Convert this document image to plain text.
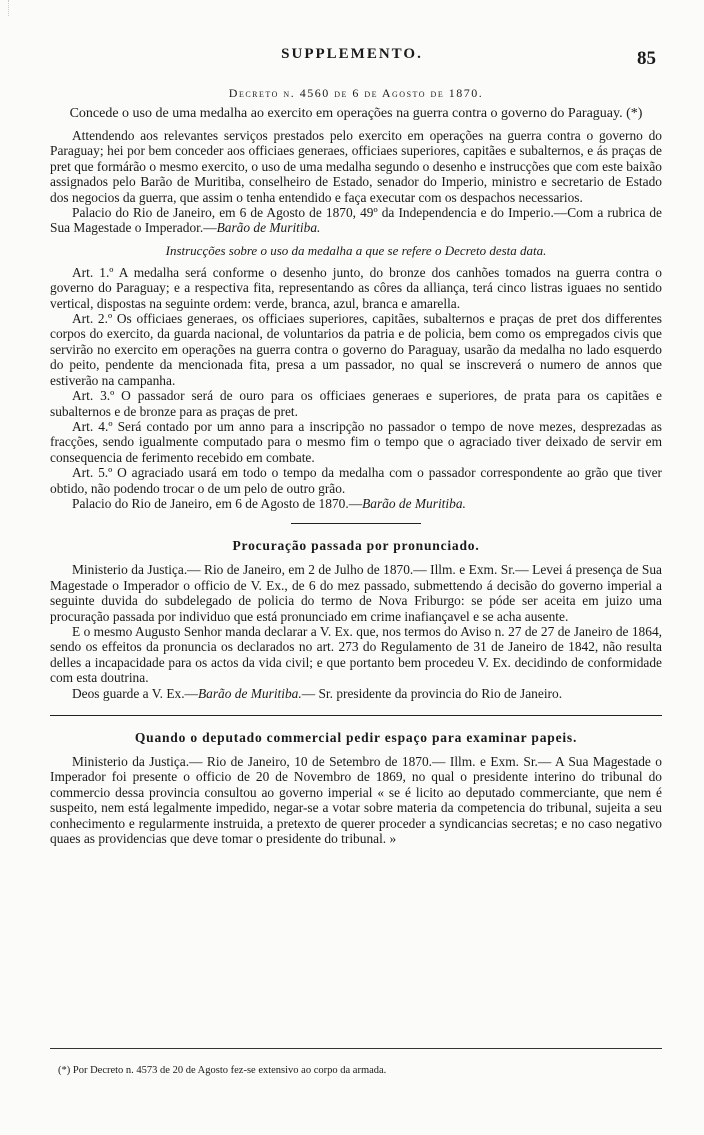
SUPPLEMENTO.	85
Decreto n. 4560 de 6 de Agosto de 1870.
Concede o uso de uma medalha ao exercito em operações na guerra contra o governo do Paraguay. (*)

Attendendo aos relevantes serviços prestados pelo exercito em operações na guerra contra o governo do Paraguay; hei por bem conceder aos officiaes generaes, officiaes superiores, capitães e subalternos, e ás praças de pret que formárão o mesmo exercito, o uso de uma medalha segundo o desenho e instrucções que com este baixão assignados pelo Barão de Muritiba, conselheiro de Estado, senador do Imperio, ministro e secretario de Estado dos negocios da guerra, que assim o tenha entendido e faça executar com os despachos necessarios.

Palacio do Rio de Janeiro, em 6 de Agosto de 1870, 49º da Independencia e do Imperio.—Com a rubrica de Sua Magestade o Imperador.—Barão de Muritiba.

Instrucções sobre o uso da medalha a que se refere o Decreto desta data.

Art. 1.º A medalha será conforme o desenho junto, do bronze dos canhões tomados na guerra contra o governo do Paraguay; e a respectiva fita, representando as côres da alliança, terá cinco listras iguaes no sentido vertical, dispostas na seguinte ordem: verde, branca, azul, branca e amarella.

Art. 2.º Os officiaes generaes, os officiaes superiores, capitães, subalternos e praças de pret dos differentes corpos do exercito, da guarda nacional, de voluntarios da patria e de policia, bem como os empregados civis que servirão no exercito em operações na guerra contra o governo do Paraguay, usarão da medalha no lado esquerdo do peito, pendente da mencionada fita, presa a um passador, no qual se inscreverá o numero de annos que estiverão na campanha.

Art. 3.º O passador será de ouro para os officiaes generaes e superiores, de prata para os capitães e subalternos e de bronze para as praças de pret.

Art. 4.º Será contado por um anno para a inscripção no passador o tempo de nove mezes, desprezadas as fracções, sendo igualmente computado para o mesmo fim o tempo que o agraciado tiver deixado de servir em consequencia de ferimento recebido em combate.

Art. 5.º O agraciado usará em todo o tempo da medalha com o passador correspondente ao grão que tiver obtido, não podendo trocar o de um pelo de outro grão.

Palacio do Rio de Janeiro, em 6 de Agosto de 1870.—Barão de Muritiba.

Procuração passada por pronunciado.

Ministerio da Justiça.— Rio de Janeiro, em 2 de Julho de 1870.— Illm. e Exm. Sr.— Levei á presença de Sua Magestade o Imperador o officio de V. Ex., de 6 do mez passado, submettendo á decisão do governo imperial a seguinte duvida do subdelegado de policia do termo de Nova Friburgo: se póde ser aceita em juizo uma procuração passada por individuo que está pronunciado em crime inafiançavel e se acha ausente.

E o mesmo Augusto Senhor manda declarar a V. Ex. que, nos termos do Aviso n. 27 de 27 de Janeiro de 1864, sendo os effeitos da pronuncia os declarados no art. 273 do Regulamento de 31 de Janeiro de 1842, não resulta delles a incapacidade para os actos da vida civil; e que portanto bem procedeu V. Ex. decidindo de conformidade com esta doutrina.

Deos guarde a V. Ex.—Barão de Muritiba.— Sr. presidente da provincia do Rio de Janeiro.

Quando o deputado commercial pedir espaço para examinar papeis.

Ministerio da Justiça.— Rio de Janeiro, 10 de Setembro de 1870.— Illm. e Exm. Sr.— A Sua Magestade o Imperador foi presente o officio de 20 de Novembro de 1869, no qual o presidente interino do tribunal do commercio dessa provincia consultou ao governo imperial « se é licito ao deputado commerciante, que nem é suspeito, nem está legalmente impedido, negar-se a votar sobre materia da competencia do tribunal, sujeita a seu conhecimento e regularmente instruida, a pretexto de querer proceder a syndicancias secretas; e no caso negativo quaes as providencias que deve tomar o presidente do tribunal. »

(*) Por Decreto n. 4573 de 20 de Agosto fez-se extensivo ao corpo da armada.
